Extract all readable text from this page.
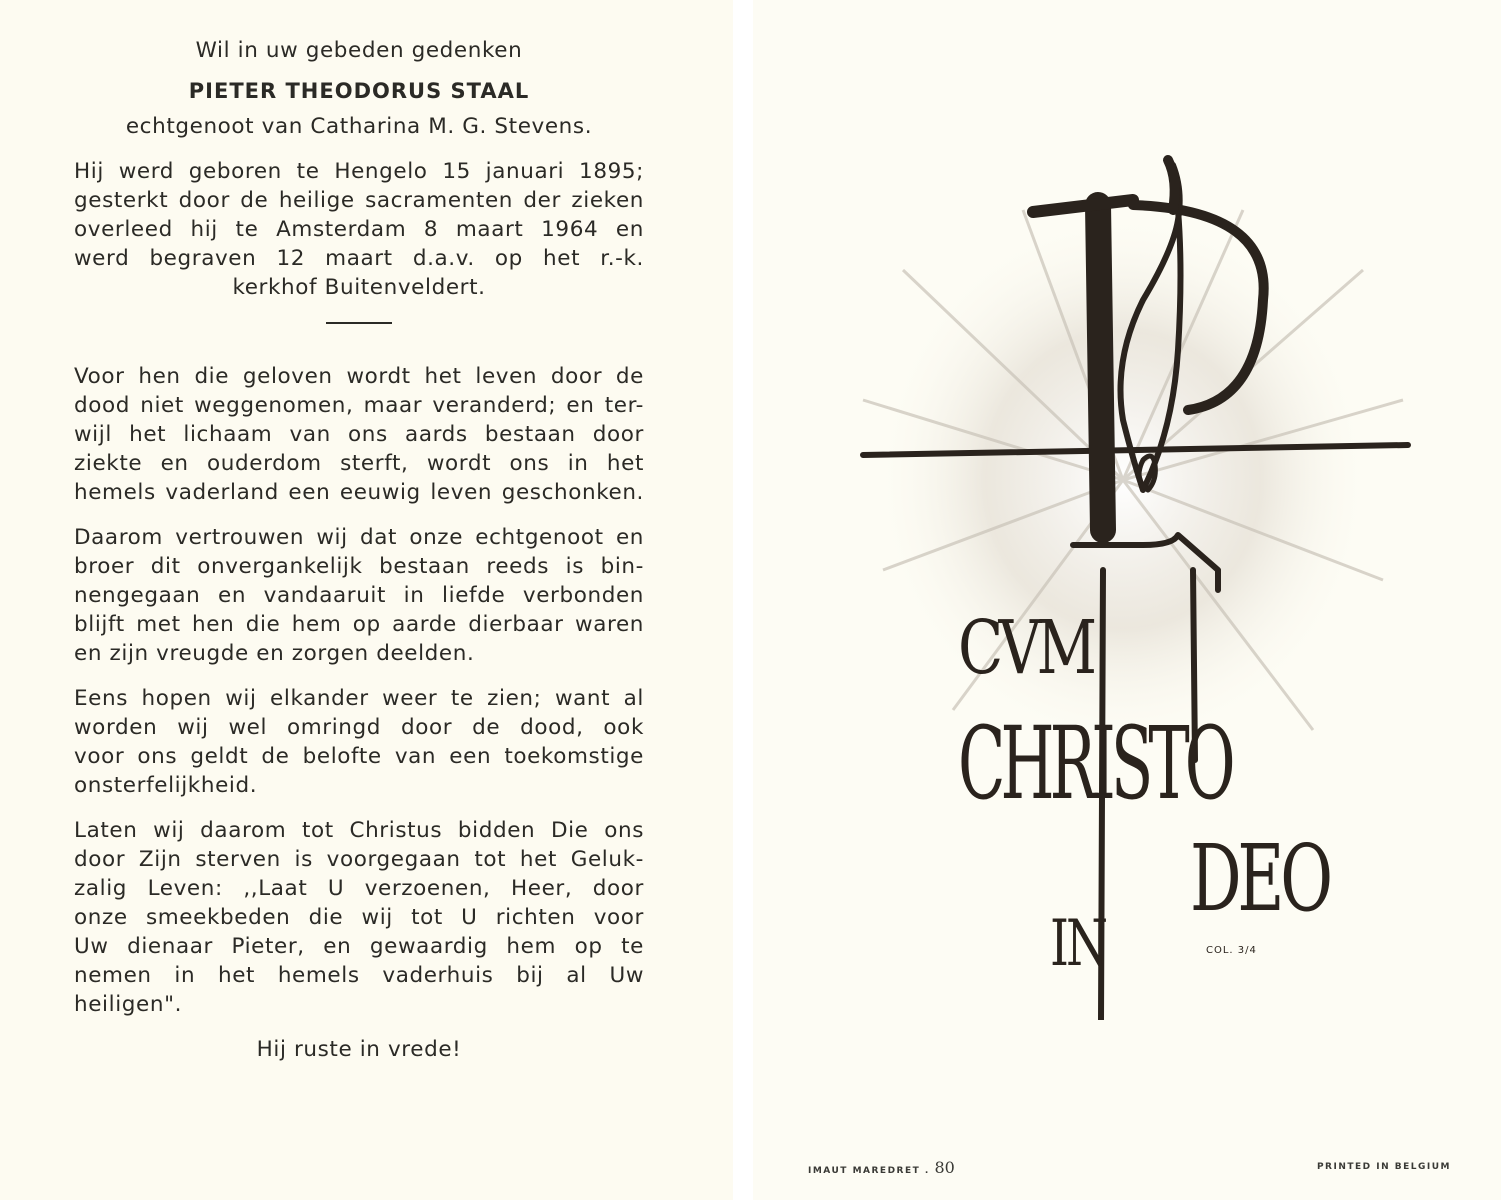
Wil in uw gebeden gedenken
PIETER THEODORUS STAAL
echtgenoot van Catharina M. G. Stevens.
Hij werd geboren te Hengelo 15 januari 1895;
gesterkt door de heilige sacramenten der zieken
overleed hij te Amsterdam 8 maart 1964 en
werd begraven 12 maart d.a.v. op het r.-k.
kerkhof Buitenveldert.
Voor hen die geloven wordt het leven door de
dood niet weggenomen, maar veranderd; en ter-
wijl het lichaam van ons aards bestaan door
ziekte en ouderdom sterft, wordt ons in het
hemels vaderland een eeuwig leven geschonken.
Daarom vertrouwen wij dat onze echtgenoot en
broer dit onvergankelijk bestaan reeds is bin-
nengegaan en vandaaruit in liefde verbonden
blijft met hen die hem op aarde dierbaar waren
en zijn vreugde en zorgen deelden.
Eens hopen wij elkander weer te zien; want al
worden wij wel omringd door de dood, ook
voor ons geldt de belofte van een toekomstige
onsterfelijkheid.
Laten wij daarom tot Christus bidden Die ons
door Zijn sterven is voorgegaan tot het Geluk-
zalig Leven: ,,Laat U verzoenen, Heer, door
onze smeekbeden die wij tot U richten voor
Uw dienaar Pieter, en gewaardig hem op te
nemen in het hemels vaderhuis bij al Uw
heiligen".
Hij ruste in vrede!
CVM
CHRISTO
IN
DEO
COL. 3/4
IMAUT MAREDRET . 80	PRINTED IN BELGIUM
